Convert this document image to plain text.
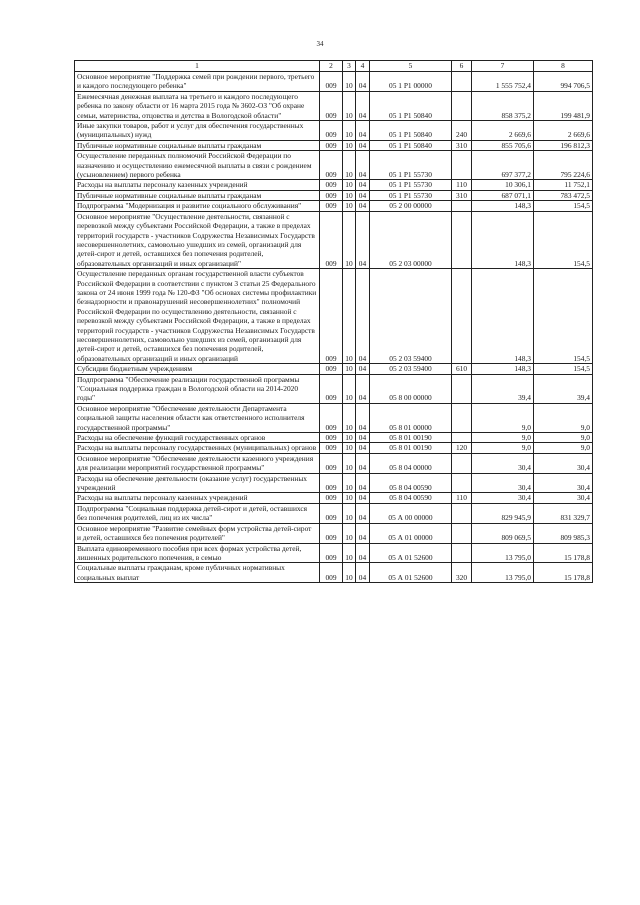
34
1	2	3	4	5	6	7	8
Основное мероприятие "Поддержка семей при рождении первого, третьего и каждого последующего ребенка"	009	10	04	05 1 Р1 00000		1 555 752,4	994 706,5
Ежемесячная денежная выплата на третьего и каждого последующего ребенка по закону области от 16 марта 2015 года № 3602-ОЗ "Об охране семьи, материнства, отцовства и детства в Вологодской области"	009	10	04	05 1 Р1 50840		858 375,2	199 481,9
Иные закупки товаров, работ и услуг для обеспечения государственных (муниципальных) нужд	009	10	04	05 1 Р1 50840	240	2 669,6	2 669,6
Публичные нормативные социальные выплаты гражданам	009	10	04	05 1 Р1 50840	310	855 705,6	196 812,3
Осуществление переданных полномочий Российской Федерации по назначению и осуществлению ежемесячной выплаты в связи с рождением (усыновлением) первого ребенка	009	10	04	05 1 Р1 55730		697 377,2	795 224,6
Расходы на выплаты персоналу казенных учреждений	009	10	04	05 1 Р1 55730	110	10 306,1	11 752,1
Публичные нормативные социальные выплаты гражданам	009	10	04	05 1 Р1 55730	310	687 071,1	783 472,5
Подпрограмма "Модернизация и развитие социального обслуживания"	009	10	04	05 2 00 00000		148,3	154,5
Основное мероприятие "Осуществление деятельности, связанной с перевозкой между субъектами Российской Федерации, а также в пределах территорий государств - участников Содружества Независимых Государств несовершеннолетних, самовольно ушедших из семей, организаций для детей-сирот и детей, оставшихся без попечения родителей, образовательных организаций и иных организаций"	009	10	04	05 2 03 00000		148,3	154,5
Осуществление переданных органам государственной власти субъектов Российской Федерации в соответствии с пунктом 3 статьи 25 Федерального закона от 24 июня 1999 года № 120-ФЗ "Об основах системы профилактики безнадзорности и правонарушений несовершеннолетних" полномочий Российской Федерации по осуществлению деятельности, связанной с перевозкой между субъектами Российской Федерации, а также в пределах территорий государств - участников Содружества Независимых Государств несовершеннолетних, самовольно ушедших из семей, организаций для детей-сирот и детей, оставшихся без попечения родителей, образовательных организаций и иных организаций	009	10	04	05 2 03 59400		148,3	154,5
Субсидии бюджетным учреждениям	009	10	04	05 2 03 59400	610	148,3	154,5
Подпрограмма "Обеспечение реализации государственной программы "Социальная поддержка граждан в Вологодской области на 2014-2020 годы"	009	10	04	05 8 00 00000		39,4	39,4
Основное мероприятие "Обеспечение деятельности Департамента социальной защиты населения области как ответственного исполнителя государственной программы"	009	10	04	05 8 01 00000		9,0	9,0
Расходы на обеспечение функций государственных органов	009	10	04	05 8 01 00190		9,0	9,0
Расходы на выплаты персоналу государственных (муниципальных) органов	009	10	04	05 8 01 00190	120	9,0	9,0
Основное мероприятие "Обеспечение деятельности казенного учреждения для реализации мероприятий государственной программы"	009	10	04	05 8 04 00000		30,4	30,4
Расходы на обеспечение деятельности (оказание услуг) государственных учреждений	009	10	04	05 8 04 00590		30,4	30,4
Расходы на выплаты персоналу казенных учреждений	009	10	04	05 8 04 00590	110	30,4	30,4
Подпрограмма "Социальная поддержка детей-сирот и детей, оставшихся без попечения родителей, лиц из их числа"	009	10	04	05 А 00 00000		829 945,9	831 329,7
Основное мероприятие "Развитие семейных форм устройства детей-сирот и детей, оставшихся без попечения родителей"	009	10	04	05 А 01 00000		809 069,5	809 985,3
Выплата единовременного пособия при всех формах устройства детей, лишенных родительского попечения, в семью	009	10	04	05 А 01 52600		13 795,0	15 178,8
Социальные выплаты гражданам, кроме публичных нормативных социальных выплат	009	10	04	05 А 01 52600	320	13 795,0	15 178,8
